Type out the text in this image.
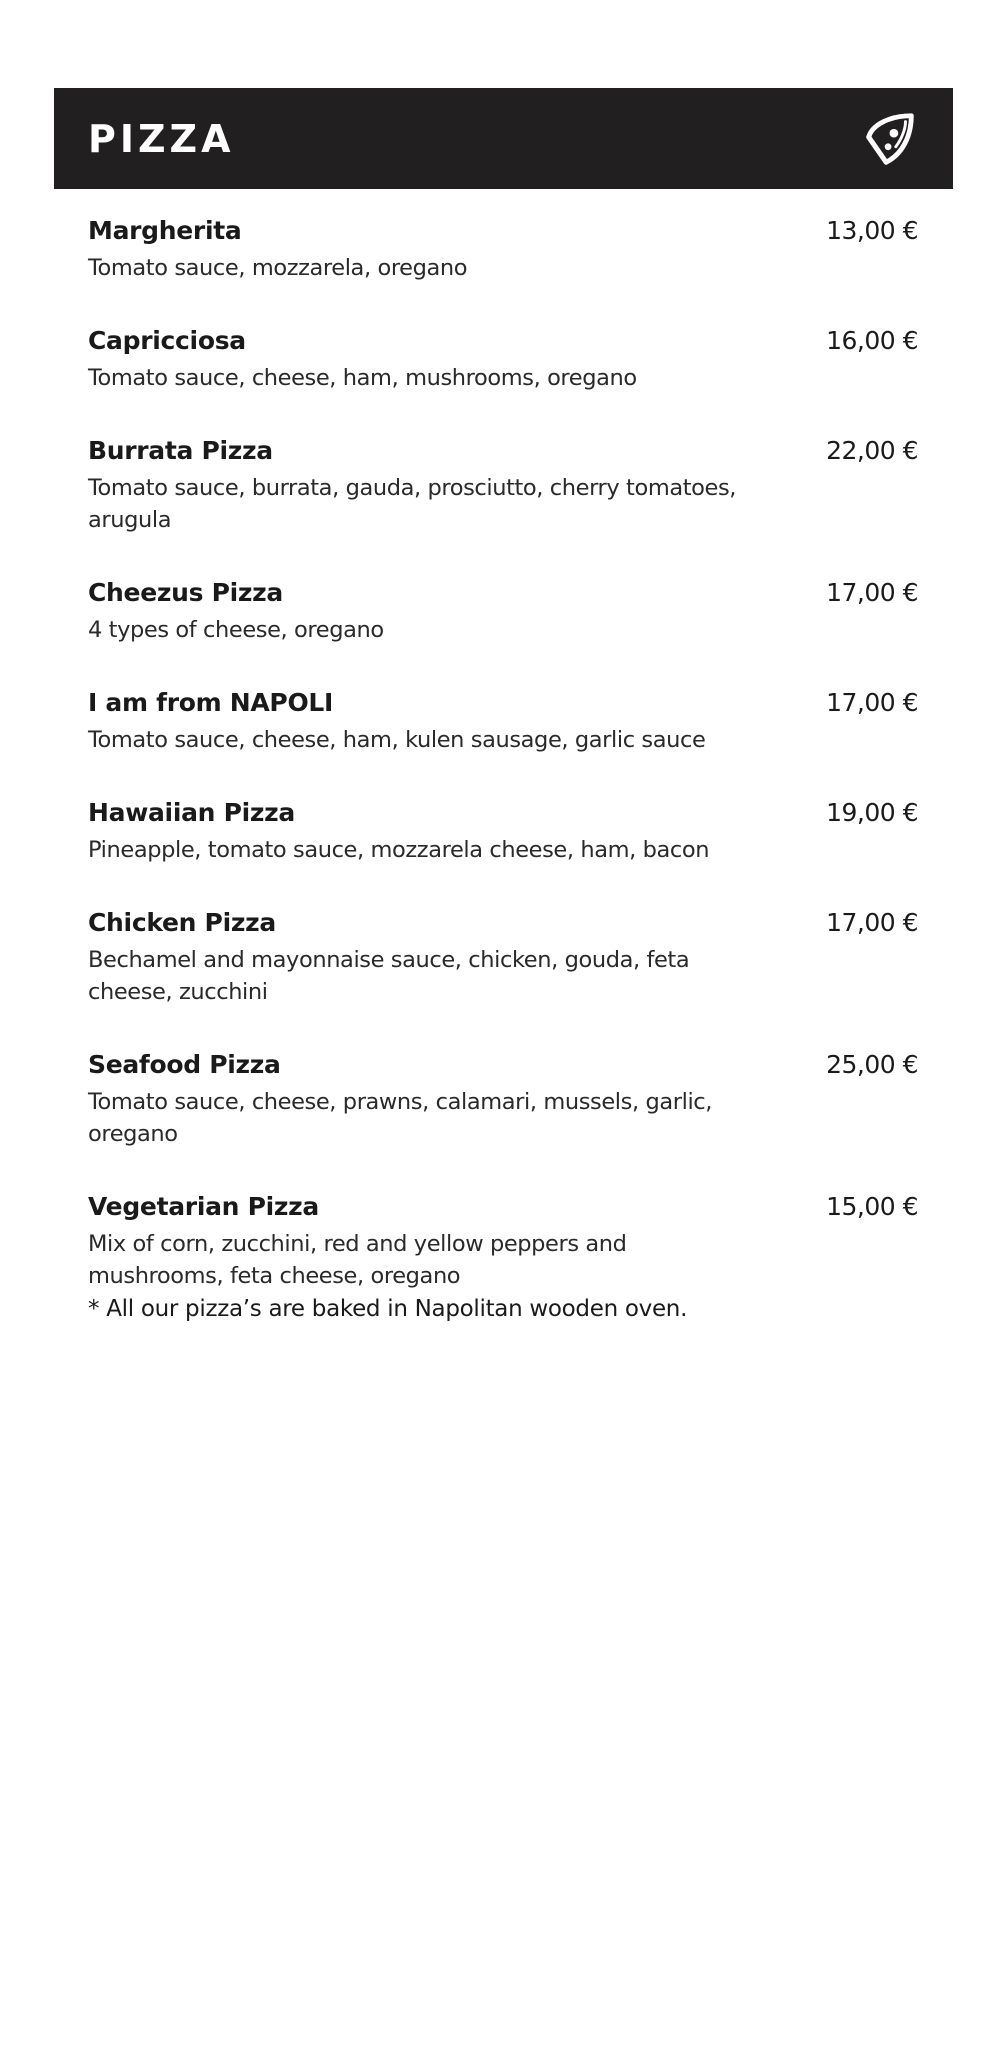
PIZZA
Margherita	13,00 €
Tomato sauce, mozzarela, oregano
Capricciosa	16,00 €
Tomato sauce, cheese, ham, mushrooms, oregano
Burrata Pizza	22,00 €
Tomato sauce, burrata, gauda, prosciutto, cherry tomatoes, arugula
Cheezus Pizza	17,00 €
4 types of cheese, oregano
I am from NAPOLI	17,00 €
Tomato sauce, cheese, ham, kulen sausage, garlic sauce
Hawaiian Pizza	19,00 €
Pineapple, tomato sauce, mozzarela cheese, ham, bacon
Chicken Pizza	17,00 €
Bechamel and mayonnaise sauce, chicken, gouda, feta cheese, zucchini
Seafood Pizza	25,00 €
Tomato sauce, cheese, prawns, calamari, mussels, garlic, oregano
Vegetarian Pizza	15,00 €
Mix of corn, zucchini, red and yellow peppers and mushrooms, feta cheese, oregano
* All our pizza’s are baked in Napolitan wooden oven.
